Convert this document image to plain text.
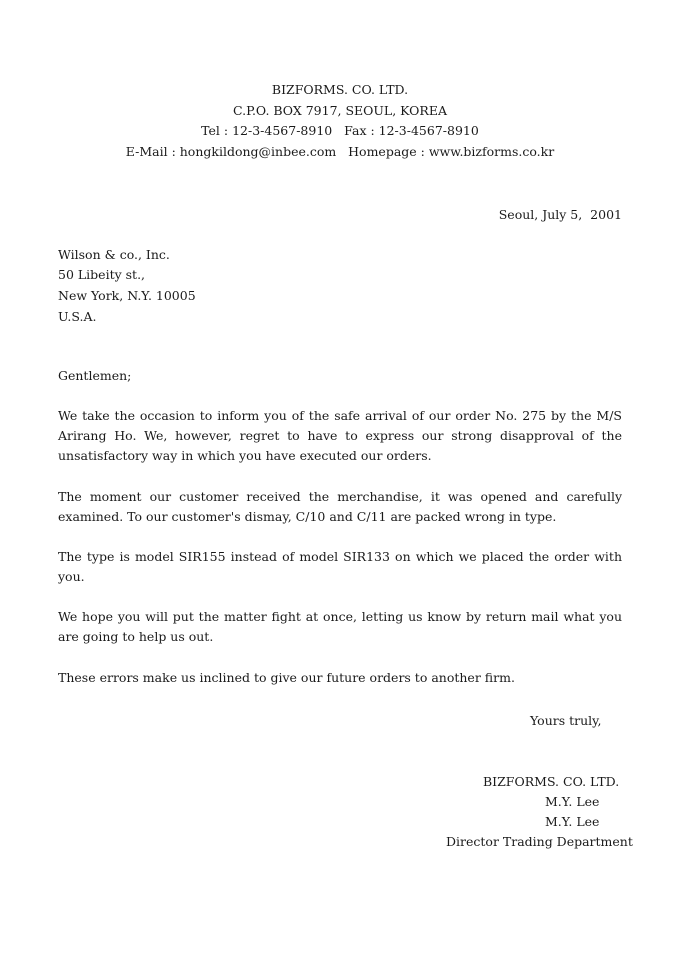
BIZFORMS. CO. LTD.
C.P.O. BOX 7917, SEOUL, KOREA
Tel : 12-3-4567-8910   Fax : 12-3-4567-8910
E-Mail : hongkildong@inbee.com   Homepage : www.bizforms.co.kr
Seoul, July 5,  2001
Wilson & co., Inc.
50 Libeity st.,
New York, N.Y. 10005
U.S.A.
Gentlemen;
We take the occasion to inform you of the safe arrival of our order No. 275 by the M/S Arirang Ho. We, however, regret to have to express our strong disapproval of the unsatisfactory way in which you have executed our orders.
The moment our customer received the merchandise, it was opened and carefully examined. To our customer's dismay, C/10 and C/11 are packed wrong in type.
The type is model SIR155 instead of model SIR133 on which we placed the order with you.
We hope you will put the matter fight at once, letting us know by return mail what you are going to help us out.
These errors make us inclined to give our future orders to another firm.
Yours truly,
BIZFORMS. CO. LTD.
M.Y. Lee
M.Y. Lee
Director Trading Department
